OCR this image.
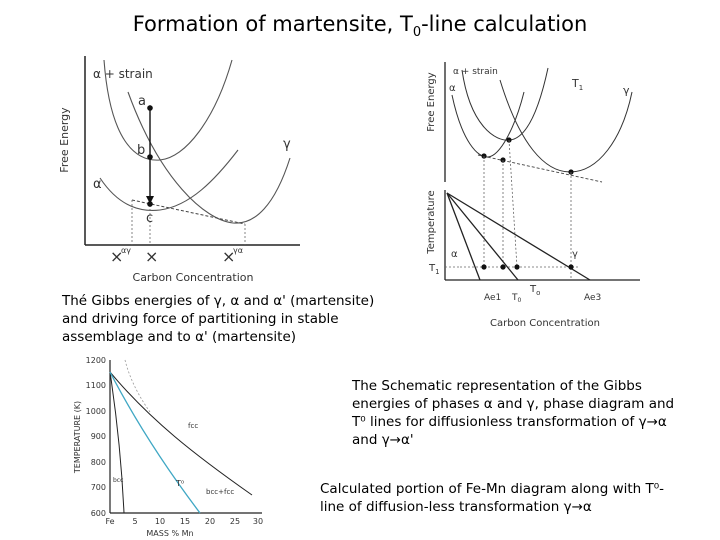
Formation of martensite, $T_0$-line calculation
Free Energy
Carbon Concentration
α + strain
α
γ
a
b
c
×
αγ ×	×
γα
Free Energy
α + strain
α	γ
$T_1$
Temperature
$T_1$
α	γ
$T_o$
Ae1 $T_0$	Ae3
Carbon Concentration
TEMPERATURE (K)
1200
1100
1000
900
800
700
600
Fe 5 10 15 20 25 30
MASS % Mn
fcc
T⁰
bcc+fcc
bcc
Thé Gibbs energies of γ, α and α' (martensite) and driving force of partitioning in stable assemblage and to α' (martensite)
The Schematic representation of the Gibbs energies of phases α and γ, phase diagram and T⁰ lines for diffusionless transformation of γ→α and γ→α'
Calculated portion of Fe-Mn diagram along with T⁰-line of diffusion-less transformation γ→α
